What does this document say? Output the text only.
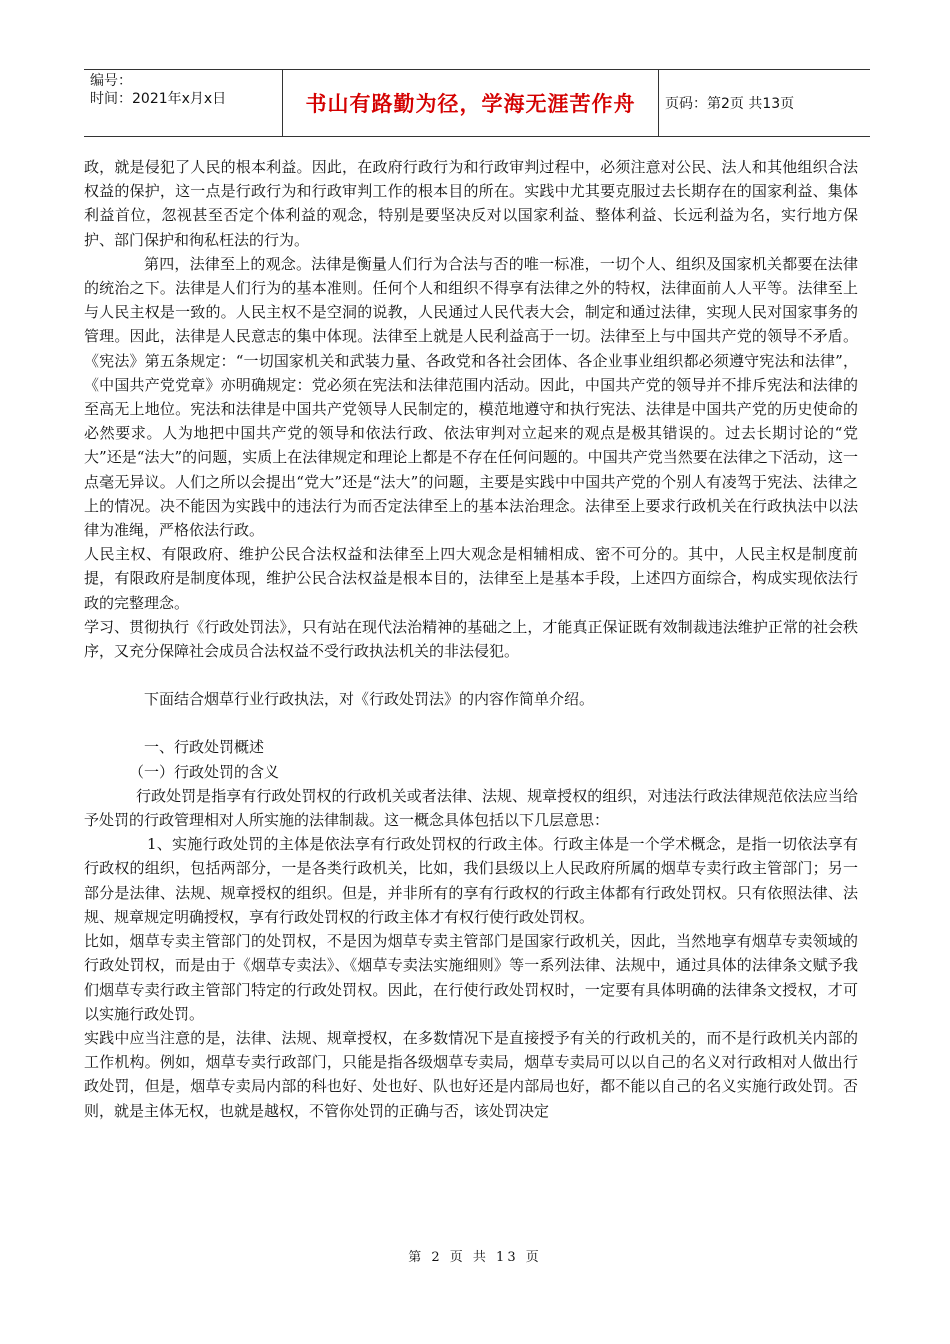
编号：
时间：2021年x月x日	书山有路勤为径，学海无涯苦作舟	页码：第2页 共13页

政，就是侵犯了人民的根本利益。因此，在政府行政行为和行政审判过程中，必须注意对公民、法人和其他组织合法权益的保护，这一点是行政行为和行政审判工作的根本目的所在。实践中尤其要克服过去长期存在的国家利益、集体利益首位，忽视甚至否定个体利益的观念，特别是要坚决反对以国家利益、整体利益、长远利益为名，实行地方保护、部门保护和徇私枉法的行为。

第四，法律至上的观念。法律是衡量人们行为合法与否的唯一标准，一切个人、组织及国家机关都要在法律的统治之下。法律是人们行为的基本准则。任何个人和组织不得享有法律之外的特权，法律面前人人平等。法律至上与人民主权是一致的。人民主权不是空洞的说教，人民通过人民代表大会，制定和通过法律，实现人民对国家事务的管理。因此，法律是人民意志的集中体现。法律至上就是人民利益高于一切。法律至上与中国共产党的领导不矛盾。《宪法》第五条规定：“一切国家机关和武装力量、各政党和各社会团体、各企业事业组织都必须遵守宪法和法律”，《中国共产党党章》亦明确规定：党必须在宪法和法律范围内活动。因此，中国共产党的领导并不排斥宪法和法律的至高无上地位。宪法和法律是中国共产党领导人民制定的，模范地遵守和执行宪法、法律是中国共产党的历史使命的必然要求。人为地把中国共产党的领导和依法行政、依法审判对立起来的观点是极其错误的。过去长期讨论的“党大”还是“法大”的问题，实质上在法律规定和理论上都是不存在任何问题的。中国共产党当然要在法律之下活动，这一点毫无异议。人们之所以会提出“党大”还是“法大”的问题，主要是实践中中国共产党的个别人有凌驾于宪法、法律之上的情况。决不能因为实践中的违法行为而否定法律至上的基本法治理念。法律至上要求行政机关在行政执法中以法律为准绳，严格依法行政。

人民主权、有限政府、维护公民合法权益和法律至上四大观念是相辅相成、密不可分的。其中，人民主权是制度前提，有限政府是制度体现，维护公民合法权益是根本目的，法律至上是基本手段，上述四方面综合，构成实现依法行政的完整理念。

学习、贯彻执行《行政处罚法》，只有站在现代法治精神的基础之上，才能真正保证既有效制裁违法维护正常的社会秩序，又充分保障社会成员合法权益不受行政执法机关的非法侵犯。

下面结合烟草行业行政执法，对《行政处罚法》的内容作简单介绍。

一、行政处罚概述

（一）行政处罚的含义

行政处罚是指享有行政处罚权的行政机关或者法律、法规、规章授权的组织，对违法行政法律规范依法应当给予处罚的行政管理相对人所实施的法律制裁。这一概念具体包括以下几层意思：

1、实施行政处罚的主体是依法享有行政处罚权的行政主体。行政主体是一个学术概念，是指一切依法享有行政权的组织，包括两部分，一是各类行政机关，比如，我们县级以上人民政府所属的烟草专卖行政主管部门；另一部分是法律、法规、规章授权的组织。但是，并非所有的享有行政权的行政主体都有行政处罚权。只有依照法律、法规、规章规定明确授权，享有行政处罚权的行政主体才有权行使行政处罚权。

比如，烟草专卖主管部门的处罚权，不是因为烟草专卖主管部门是国家行政机关，因此，当然地享有烟草专卖领域的行政处罚权，而是由于《烟草专卖法》、《烟草专卖法实施细则》等一系列法律、法规中，通过具体的法律条文赋予我们烟草专卖行政主管部门特定的行政处罚权。因此，在行使行政处罚权时，一定要有具体明确的法律条文授权，才可以实施行政处罚。

实践中应当注意的是，法律、法规、规章授权，在多数情况下是直接授予有关的行政机关的，而不是行政机关内部的工作机构。例如，烟草专卖行政部门，只能是指各级烟草专卖局，烟草专卖局可以以自己的名义对行政相对人做出行政处罚，但是，烟草专卖局内部的科也好、处也好、队也好还是内部局也好，都不能以自己的名义实施行政处罚。否则，就是主体无权，也就是越权，不管你处罚的正确与否，该处罚决定

第 2 页 共 13 页
